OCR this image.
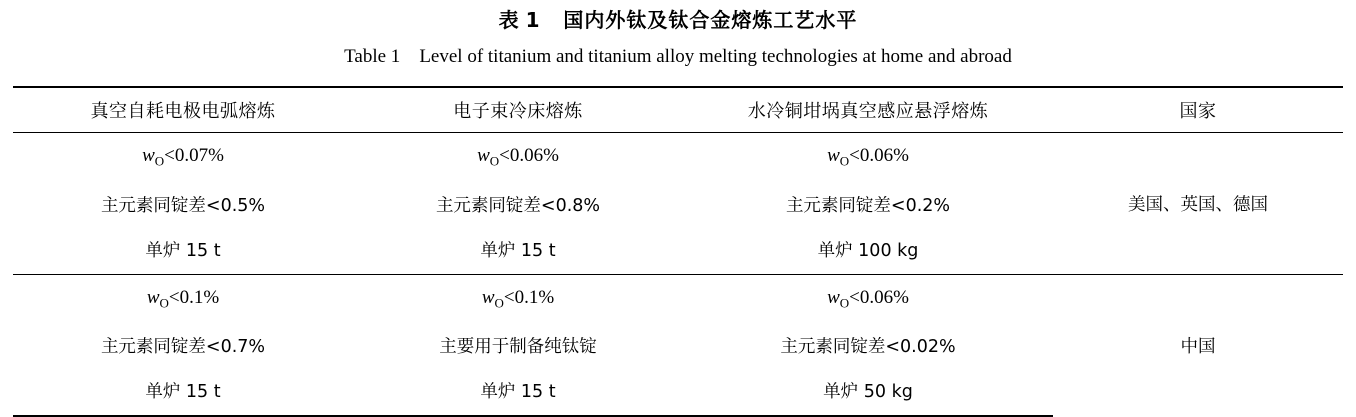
表 1 国内外钛及钛合金熔炼工艺水平
Table 1 Level of titanium and titanium alloy melting technologies at home and abroad
真空自耗电极电弧熔炼	电子束冷床熔炼	水冷铜坩埚真空感应悬浮熔炼	国家
$w_O<0.07\%$	$w_O<0.06\%$	$w_O<0.06\%$	美国、英国、德国
主元素同锭差<0.5%	主元素同锭差<0.8%	主元素同锭差<0.2%	
单炉 15 t	单炉 15 t	单炉 100 kg	
$w_O<0.1\%$	$w_O<0.1\%$	$w_O<0.06\%$	中国
主元素同锭差<0.7%	主要用于制备纯钛锭	主元素同锭差<0.02%	
单炉 15 t	单炉 15 t	单炉 50 kg	
